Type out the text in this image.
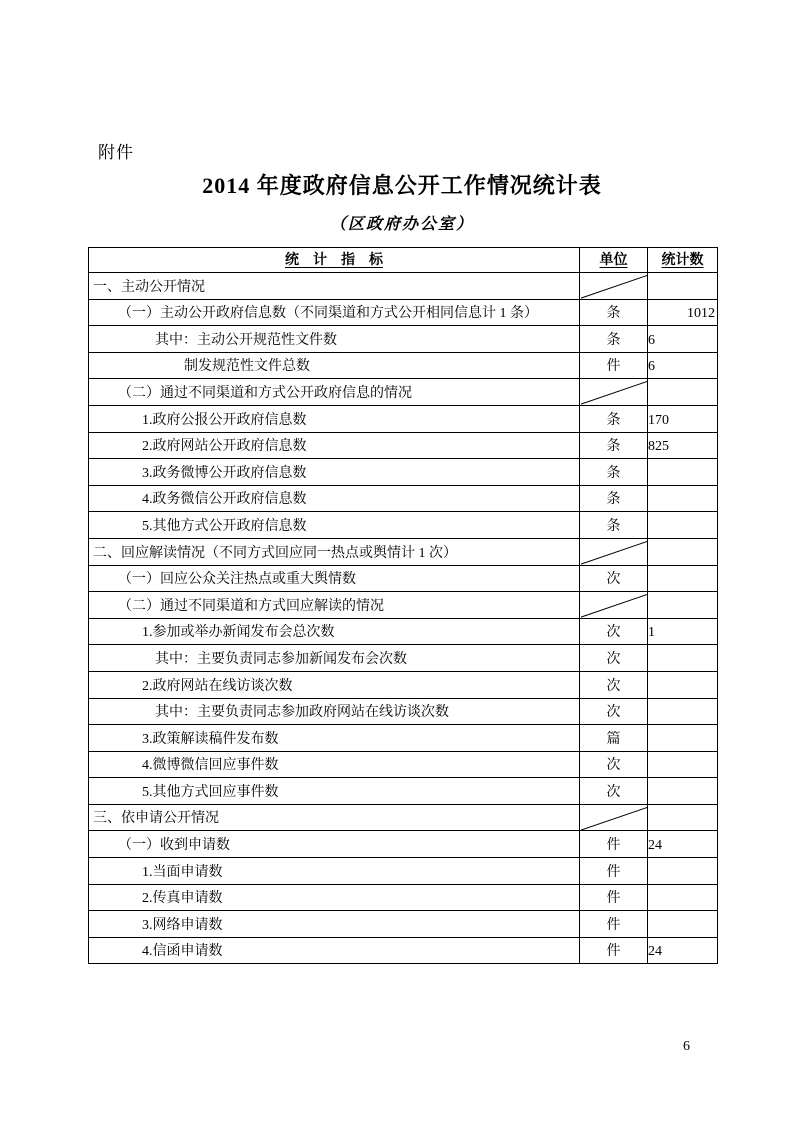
附件
2014 年度政府信息公开工作情况统计表
（区政府办公室）
统　计　指　标	单位	统计数
一、主动公开情况	

（一）主动公开政府信息数（不同渠道和方式公开相同信息计 1 条）	条	1012
其中：主动公开规范性文件数	条	6
制发规范性文件总数	件	6
（二）通过不同渠道和方式公开政府信息的情况	

1.政府公报公开政府信息数	条	170
2.政府网站公开政府信息数	条	825
3.政务微博公开政府信息数	条	
4.政务微信公开政府信息数	条	
5.其他方式公开政府信息数	条	
二、回应解读情况（不同方式回应同一热点或舆情计 1 次）	

（一）回应公众关注热点或重大舆情数	次	
（二）通过不同渠道和方式回应解读的情况	

1.参加或举办新闻发布会总次数	次	1
其中：主要负责同志参加新闻发布会次数	次	
2.政府网站在线访谈次数	次	
其中：主要负责同志参加政府网站在线访谈次数	次	
3.政策解读稿件发布数	篇	
4.微博微信回应事件数	次	
5.其他方式回应事件数	次	
三、依申请公开情况	

（一）收到申请数	件	24
1.当面申请数	件	
2.传真申请数	件	
3.网络申请数	件	
4.信函申请数	件	24
6
